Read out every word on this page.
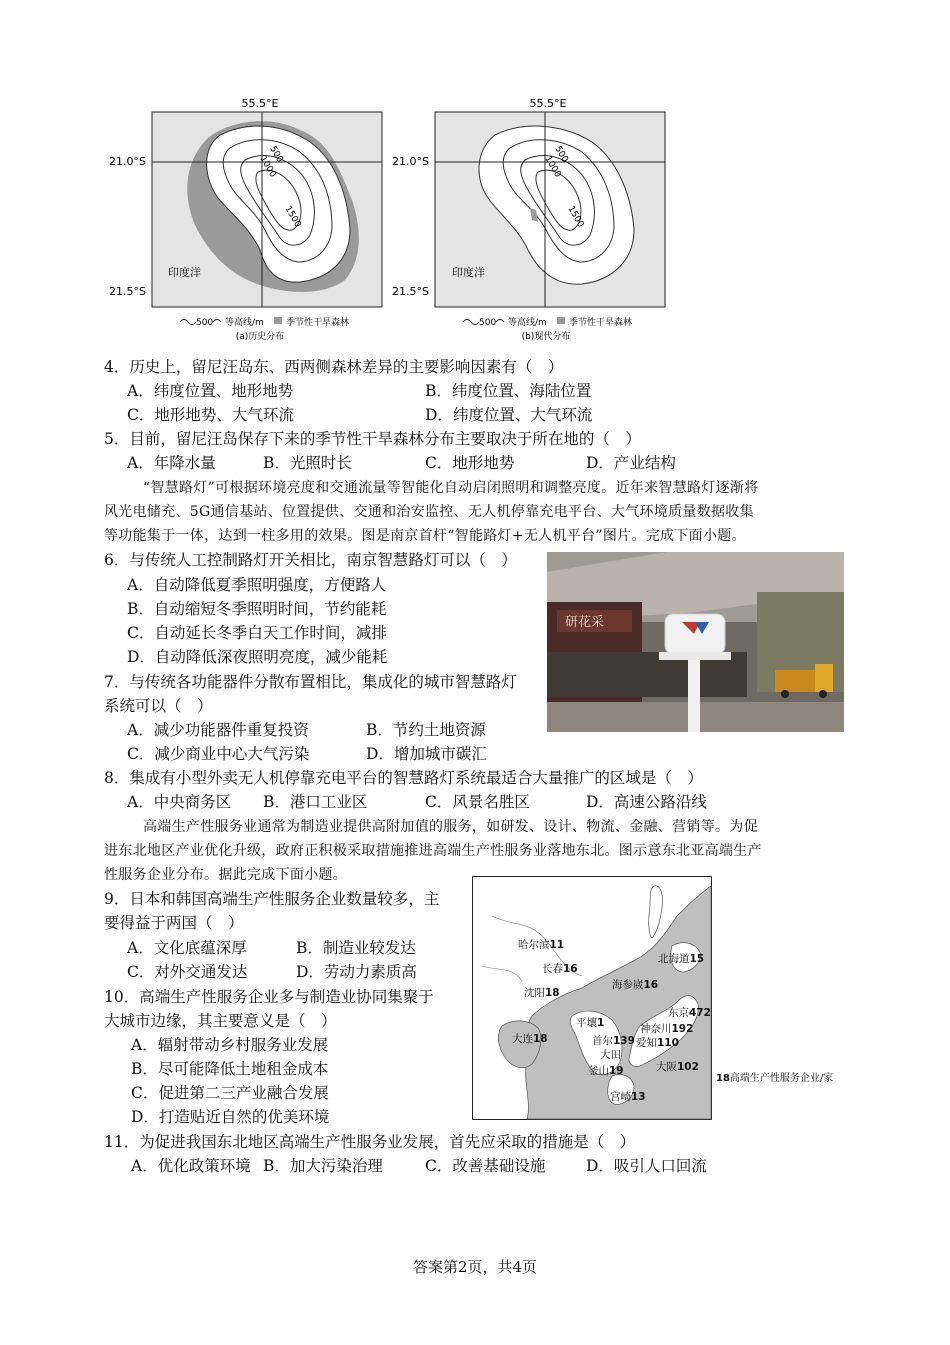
55.5°E
21.0°S
21.5°S
印度洋
500
1000
1500
55.5°E
21.0°S
21.5°S
印度洋
500
1000
1500
500 等高线/m 季节性干旱森林
(a)历史分布
500 等高线/m 季节性干旱森林
(b)现代分布
4．历史上，留尼汪岛东、西两侧森林差异的主要影响因素有（　）
A．纬度位置、地形地势	B．纬度位置、海陆位置
C．地形地势、大气环流	D．纬度位置、大气环流
5．目前，留尼汪岛保存下来的季节性干旱森林分布主要取决于所在地的（　）
A．年降水量	B．光照时长	C．地形地势	D．产业结构
“智慧路灯”可根据环境亮度和交通流量等智能化自动启闭照明和调整亮度。近年来智慧路灯逐渐将
风光电储充、5G通信基站、位置提供、交通和治安监控、无人机停靠充电平台、大气环境质量数据收集
等功能集于一体，达到一柱多用的效果。图是南京首杆“智能路灯+无人机平台”图片。完成下面小题。
6．与传统人工控制路灯开关相比，南京智慧路灯可以（　）
A．自动降低夏季照明强度，方便路人
B．自动缩短冬季照明时间，节约能耗
C．自动延长冬季白天工作时间，减排
D．自动降低深夜照明亮度，减少能耗
研花采
7．与传统各功能器件分散布置相比，集成化的城市智慧路灯
系统可以（　）
A．减少功能器件重复投资	B．节约土地资源
C．减少商业中心大气污染	D．增加城市碳汇
8．集成有小型外卖无人机停靠充电平台的智慧路灯系统最适合大量推广的区域是（　）
A．中央商务区 B．港口工业区	C．风景名胜区	D．高速公路沿线
高端生产性服务业通常为制造业提供高附加值的服务，如研发、设计、物流、金融、营销等。为促
进东北地区产业优化升级，政府正积极采取措施推进高端生产性服务业落地东北。图示意东北亚高端生产
性服务企业分布。据此完成下面小题。
9．日本和韩国高端生产性服务企业数量较多，主
要得益于两国（　）
A．文化底蕴深厚	B．制造业较发达
C．对外交通发达	D．劳动力素质高
10．高端生产性服务企业多与制造业协同集聚于
大城市边缘，其主要意义是（　）
A．辐射带动乡村服务业发展
B．尽可能降低土地租金成本
C．促进第二三产业融合发展
D．打造贴近自然的优美环境
哈尔滨11
长春16
沈阳18
大连18
平壤1
首尔139
大田
釜山19
海参崴16
北海道15
东京472
神奈川192
爱知110
大阪102
宫崎13
18高端生产性服务企业/家
11．为促进我国东北地区高端生产性服务业发展，首先应采取的措施是（　）
A．优化政策环境 B．加大污染治理	C．改善基础设施	D．吸引人口回流
答案第2页，共4页
